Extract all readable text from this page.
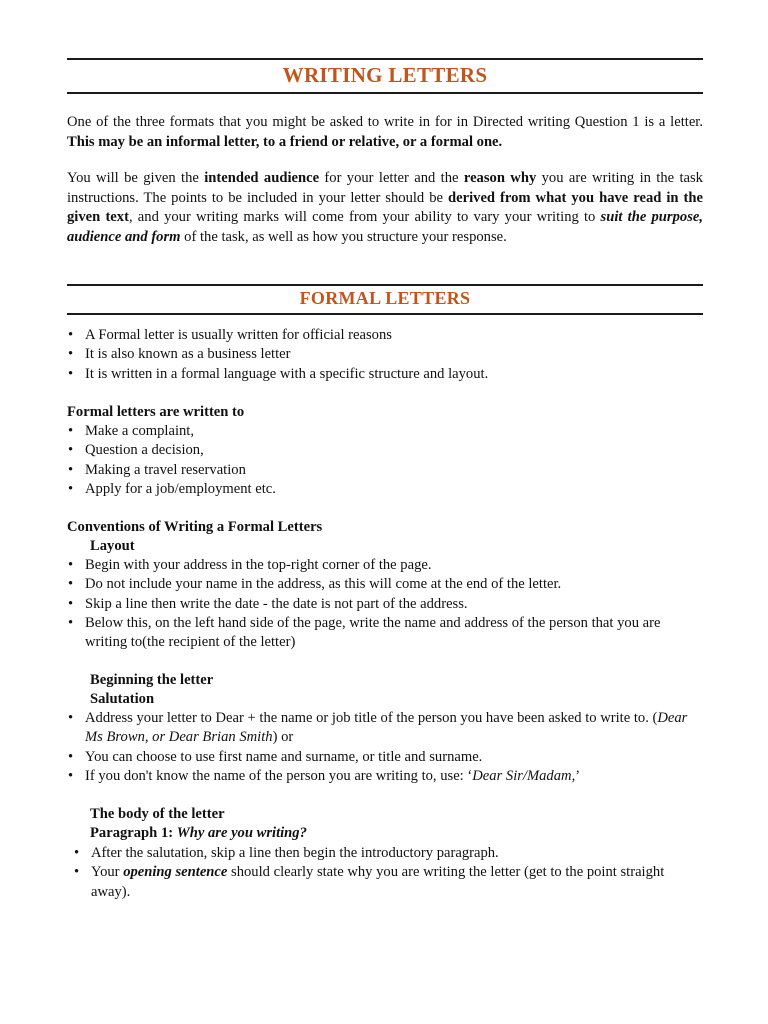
WRITING LETTERS
One of the three formats that you might be asked to write in for in Directed writing Question 1 is a letter. This may be an informal letter, to a friend or relative, or a formal one.
You will be given the intended audience for your letter and the reason why you are writing in the task instructions. The points to be included in your letter should be derived from what you have read in the given text, and your writing marks will come from your ability to vary your writing to suit the purpose, audience and form of the task, as well as how you structure your response.
FORMAL LETTERS
• A Formal letter is usually written for official reasons
• It is also known as a business letter
• It is written in a formal language with a specific structure and layout.
Formal letters are written to
• Make a complaint,
• Question a decision,
• Making a travel reservation
• Apply for a job/employment etc.
Conventions of Writing a Formal Letters
Layout
• Begin with your address in the top-right corner of the page.
• Do not include your name in the address, as this will come at the end of the letter.
• Skip a line then write the date - the date is not part of the address.
• Below this, on the left hand side of the page, write the name and address of the person that you are writing to(the recipient of the letter)
Beginning the letter
Salutation
• Address your letter to Dear + the name or job title of the person you have been asked to write to. (Dear Ms Brown, or Dear Brian Smith) or
• You can choose to use first name and surname, or title and surname.
• If you don't know the name of the person you are writing to, use: ‘Dear Sir/Madam,’
The body of the letter
Paragraph 1: Why are you writing?
• After the salutation, skip a line then begin the introductory paragraph.
• Your opening sentence should clearly state why you are writing the letter (get to the point straight away).
